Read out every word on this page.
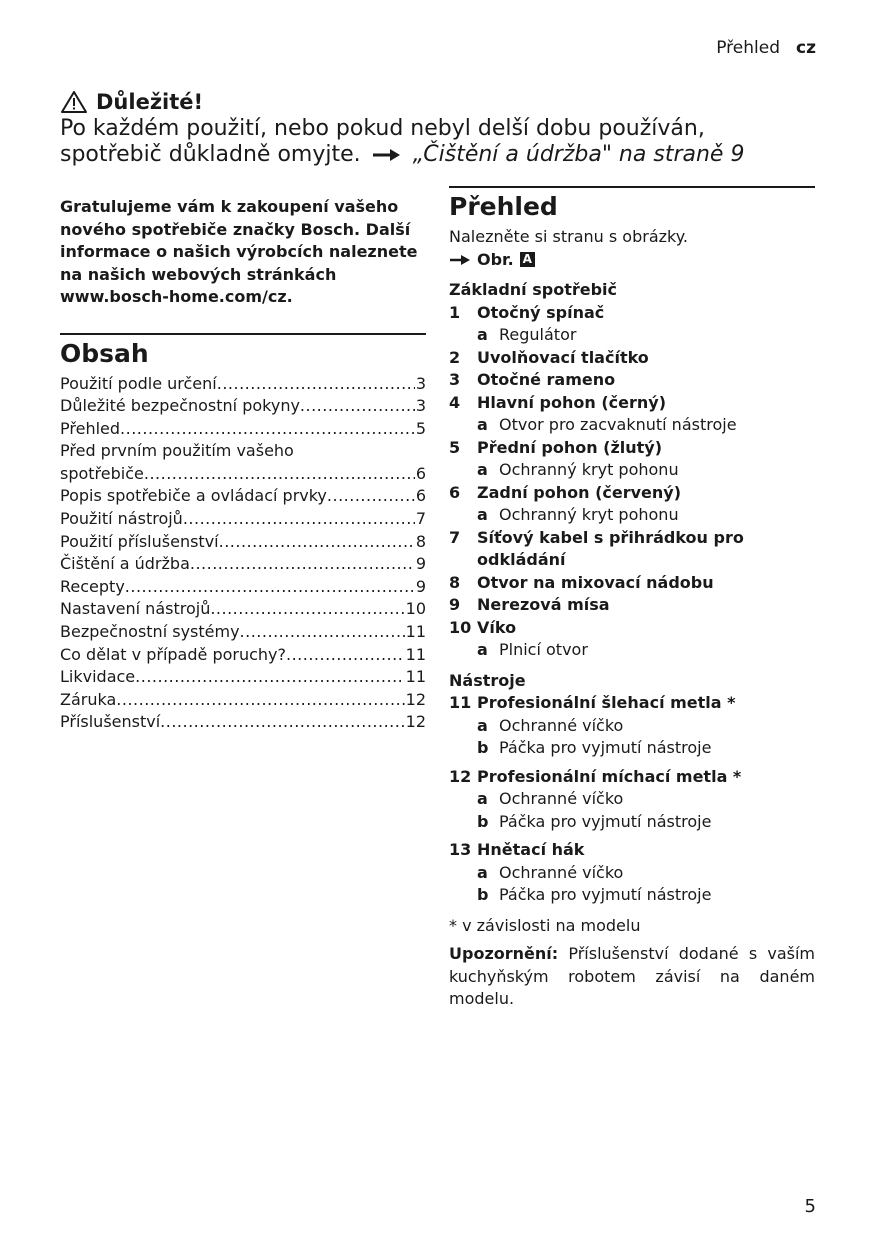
Přehled cz
Důležité!
Po každém použití, nebo pokud nebyl delší dobu používán,
spotřebič důkladně omyjte. „Čištění a údržba" na straně 9
Gratulujeme vám k zakoupení vašeho nového spotřebiče značky Bosch. Další informace o našich výrobcích naleznete na našich webových stránkách www.bosch-home.com/cz.
Obsah
Použití podle určení .....	3
Důležité bezpečnostní pokyny .....	3
Přehled .....	5
Před prvním použitím vašeho
spotřebiče .....	6
Popis spotřebiče a ovládací prvky .....	6
Použití nástrojů .....	7
Použití příslušenství .....	8
Čištění a údržba .....	9
Recepty .....	9
Nastavení nástrojů .....	10
Bezpečnostní systémy .....	11
Co dělat v případě poruchy? .....	11
Likvidace .....	11
Záruka .....	12
Příslušenství .....	12
Přehled
Nalezněte si stranu s obrázky.
Obr. A
Základní spotřebič
1	Otočný spínač
a Regulátor
2	Uvolňovací tlačítko
3	Otočné rameno
4	Hlavní pohon (černý)
a Otvor pro zacvaknutí nástroje
5	Přední pohon (žlutý)
a Ochranný kryt pohonu
6	Zadní pohon (červený)
a Ochranný kryt pohonu
7	Síťový kabel s přihrádkou pro odkládání
8	Otvor na mixovací nádobu
9	Nerezová mísa
10 Víko
a Plnicí otvor
Nástroje
11 Profesionální šlehací metla *
a Ochranné víčko
b Páčka pro vyjmutí nástroje
12 Profesionální míchací metla *
a Ochranné víčko
b Páčka pro vyjmutí nástroje
13 Hnětací hák
a Ochranné víčko
b Páčka pro vyjmutí nástroje
* v závislosti na modelu
Upozornění: Příslušenství dodané s vaším kuchyňským robotem závisí na daném modelu.
5
